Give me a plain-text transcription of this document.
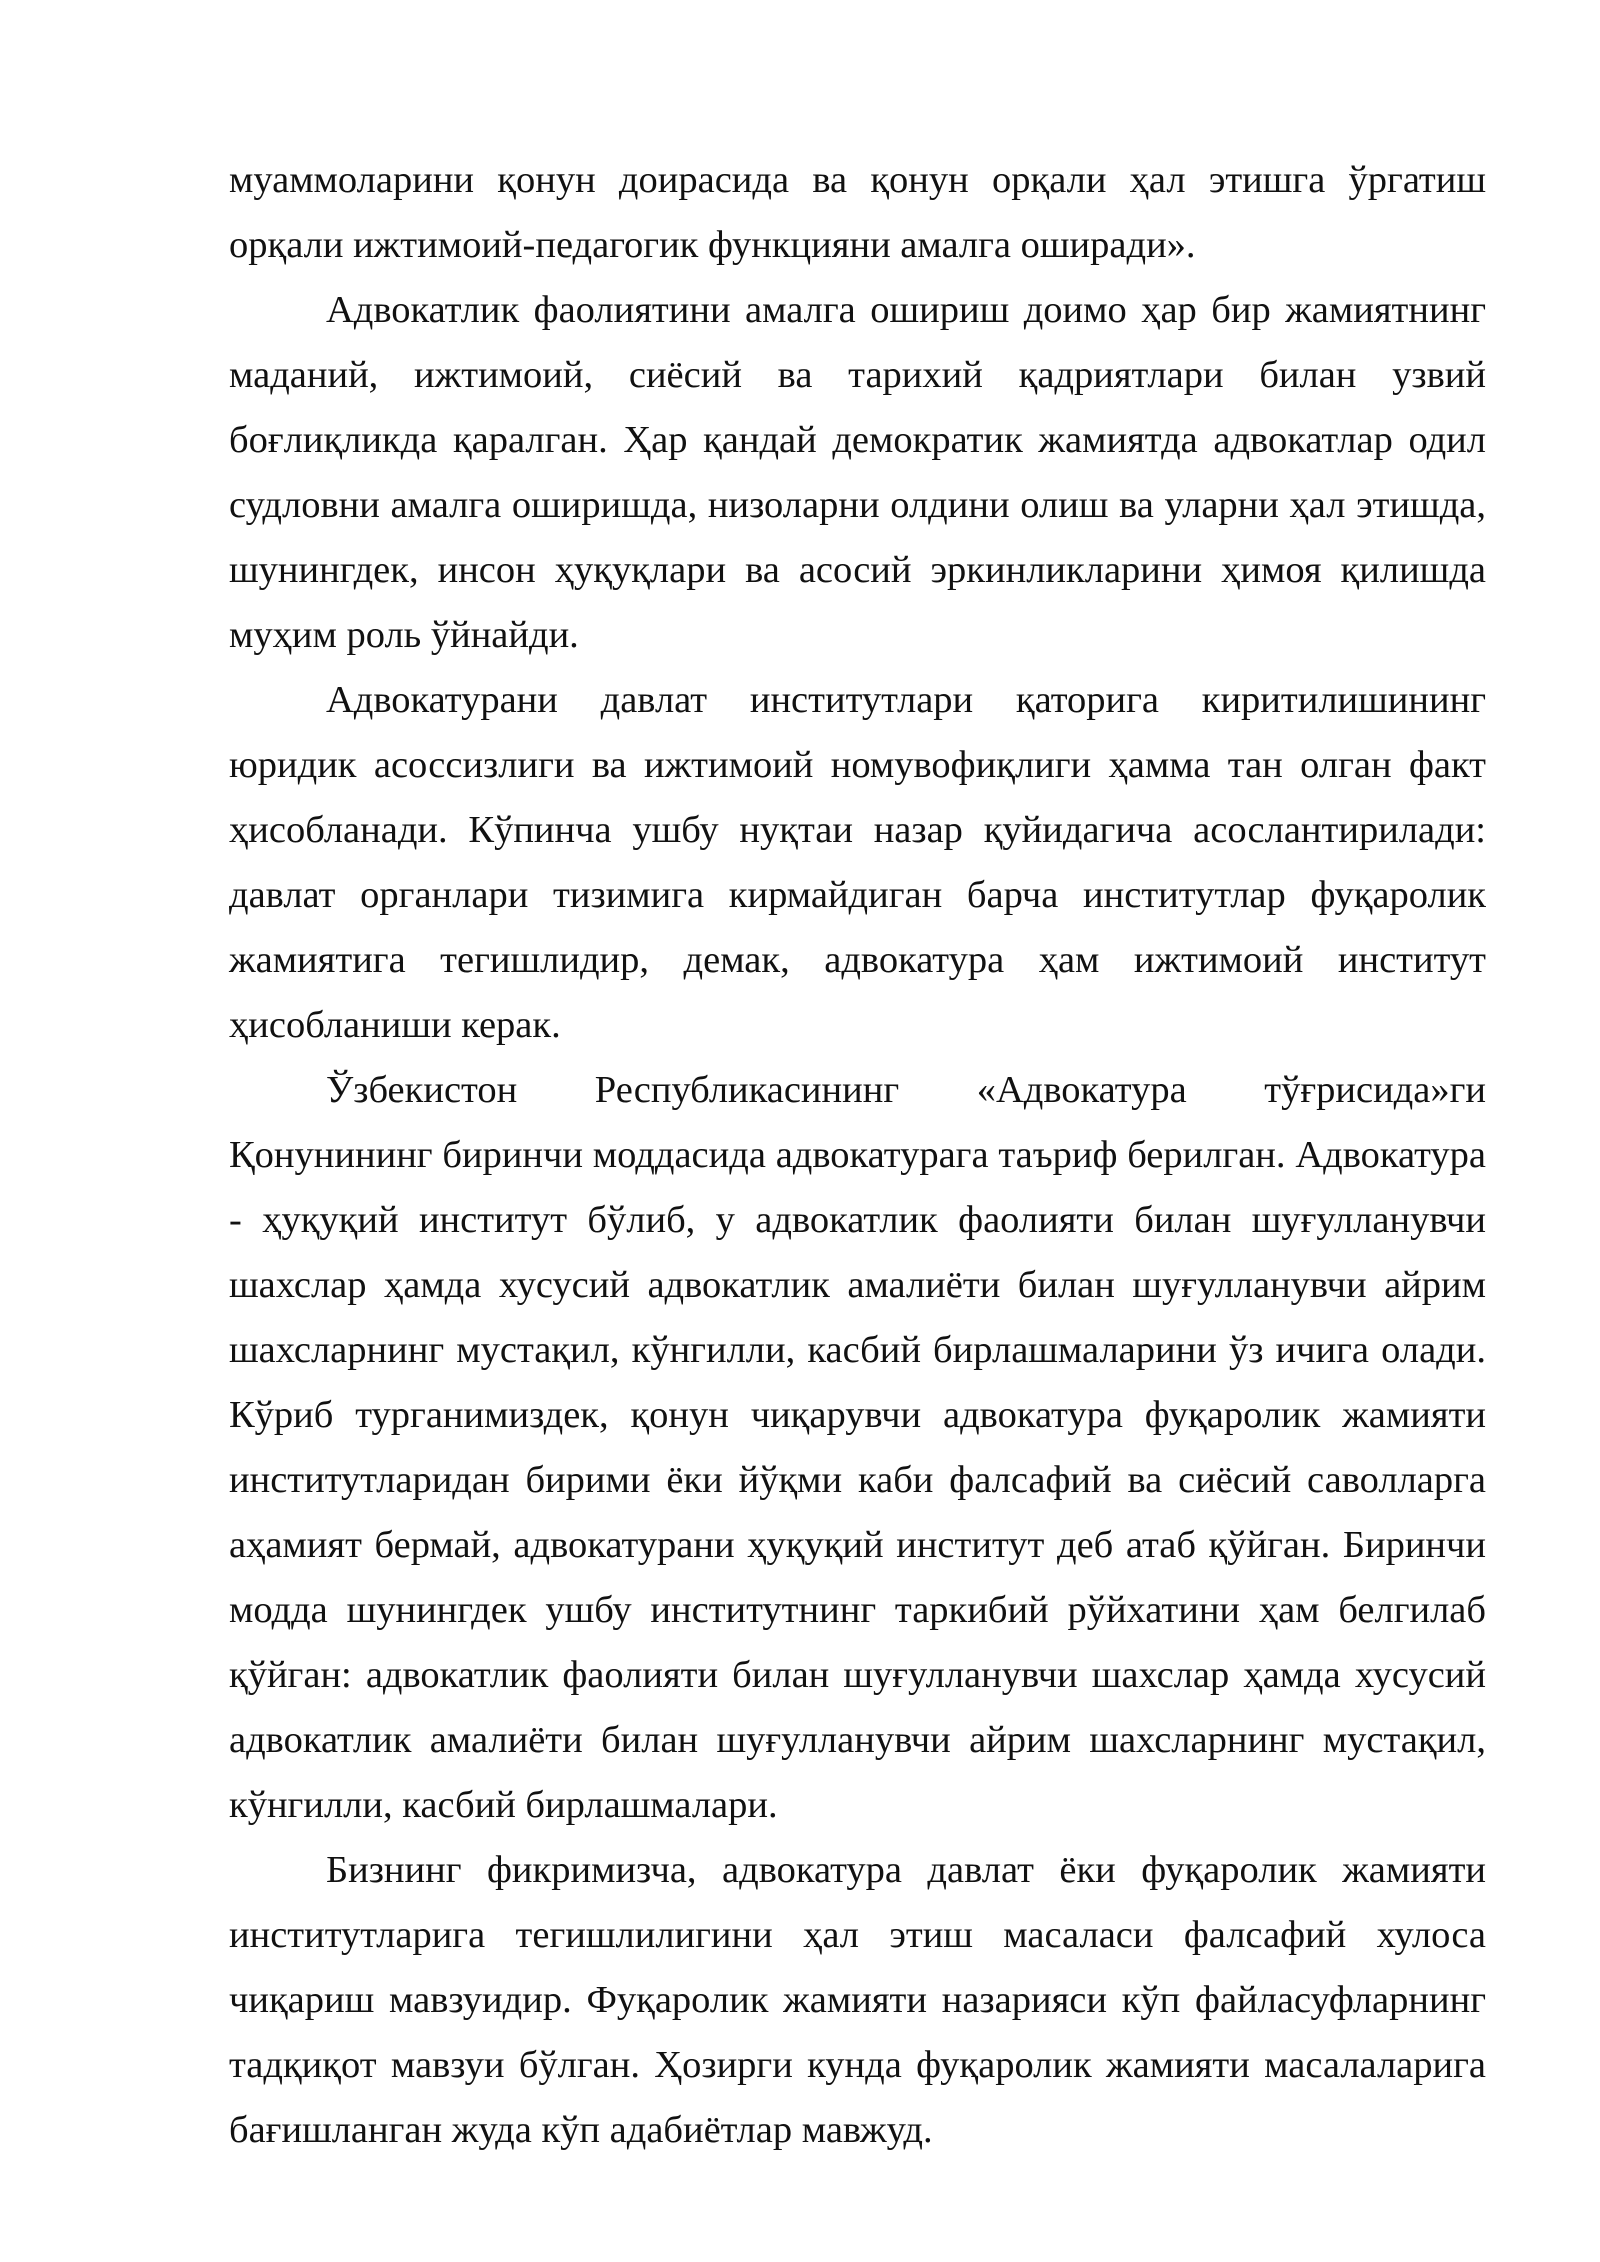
муаммоларини қонун доирасида ва қонун орқали ҳал этишга ўргатиш орқали ижтимоий-педагогик функцияни амалга оширади».

Адвокатлик фаолиятини амалга ошириш доимо ҳар бир жамиятнинг маданий, ижтимоий, сиёсий ва тарихий қадриятлари билан узвий боғлиқликда қаралган. Ҳар қандай демократик жамиятда адвокатлар одил судловни амалга оширишда, низоларни олдини олиш ва уларни ҳал этишда, шунингдек, инсон ҳуқуқлари ва асосий эркинликларини ҳимоя қилишда муҳим роль ўйнайди.

Адвокатурани давлат институтлари қаторига киритилишининг юридик асоссизлиги ва ижтимоий номувофиқлиги ҳамма тан олган факт ҳисобланади. Кўпинча ушбу нуқтаи назар қуйидагича асослантирилади: давлат органлари тизимига кирмайдиган барча институтлар фуқаролик жамиятига тегишлидир, демак, адвокатура ҳам ижтимоий институт ҳисобланиши керак.

Ўзбекистон Республикасининг «Адвокатура тўғрисида»ги Қонунининг биринчи моддасида адвокатурага таъриф берилган. Адвокатура - ҳуқуқий институт бўлиб, у адвокатлик фаолияти билан шуғулланувчи шахслар ҳамда хусусий адвокатлик амалиёти билан шуғулланувчи айрим шахсларнинг мустақил, кўнгилли, касбий бирлашмаларини ўз ичига олади. Кўриб турганимиздек, қонун чиқарувчи адвокатура фуқаролик жамияти институтларидан бирими ёки йўқми каби фалсафий ва сиёсий саволларга аҳамият бермай, адвокатурани ҳуқуқий институт деб атаб қўйган. Биринчи модда шунингдек ушбу институтнинг таркибий рўйхатини ҳам белгилаб қўйган: адвокатлик фаолияти билан шуғулланувчи шахслар ҳамда хусусий адвокатлик амалиёти билан шуғулланувчи айрим шахсларнинг мустақил, кўнгилли, касбий бирлашмалари.

Бизнинг фикримизча, адвокатура давлат ёки фуқаролик жамияти институтларига тегишлилигини ҳал этиш масаласи фалсафий хулоса чиқариш мавзуидир. Фуқаролик жамияти назарияси кўп файласуфларнинг тадқиқот мавзуи бўлган. Ҳозирги кунда фуқаролик жамияти масалаларига бағишланган жуда кўп адабиётлар мавжуд.
